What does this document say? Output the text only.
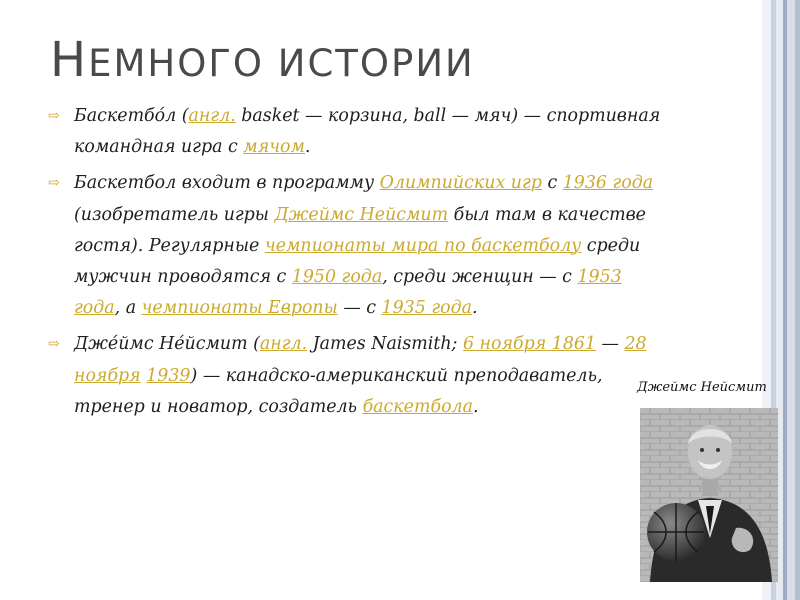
НЕМНОГО ИСТОРИИ
⇨ Баскетбо́л (англ. basket — корзина, ball — мяч) — спортивная командная игра с мячом.
⇨ Баскетбол входит в программу Олимпийских игр с 1936 года (изобретатель игры Джеймс Нейсмит был там в качестве гостя). Регулярные чемпионаты мира по баскетболу среди мужчин проводятся с 1950 года, среди женщин — с 1953 года, а чемпионаты Европы — с 1935 года.
⇨ Дже́ймс Не́йсмит (англ. James Naismith; 6 ноября 1861 — 28 ноября 1939) — канадско-американский преподаватель, тренер и новатор, создатель баскетбола.
Джеймс Нейсмит
